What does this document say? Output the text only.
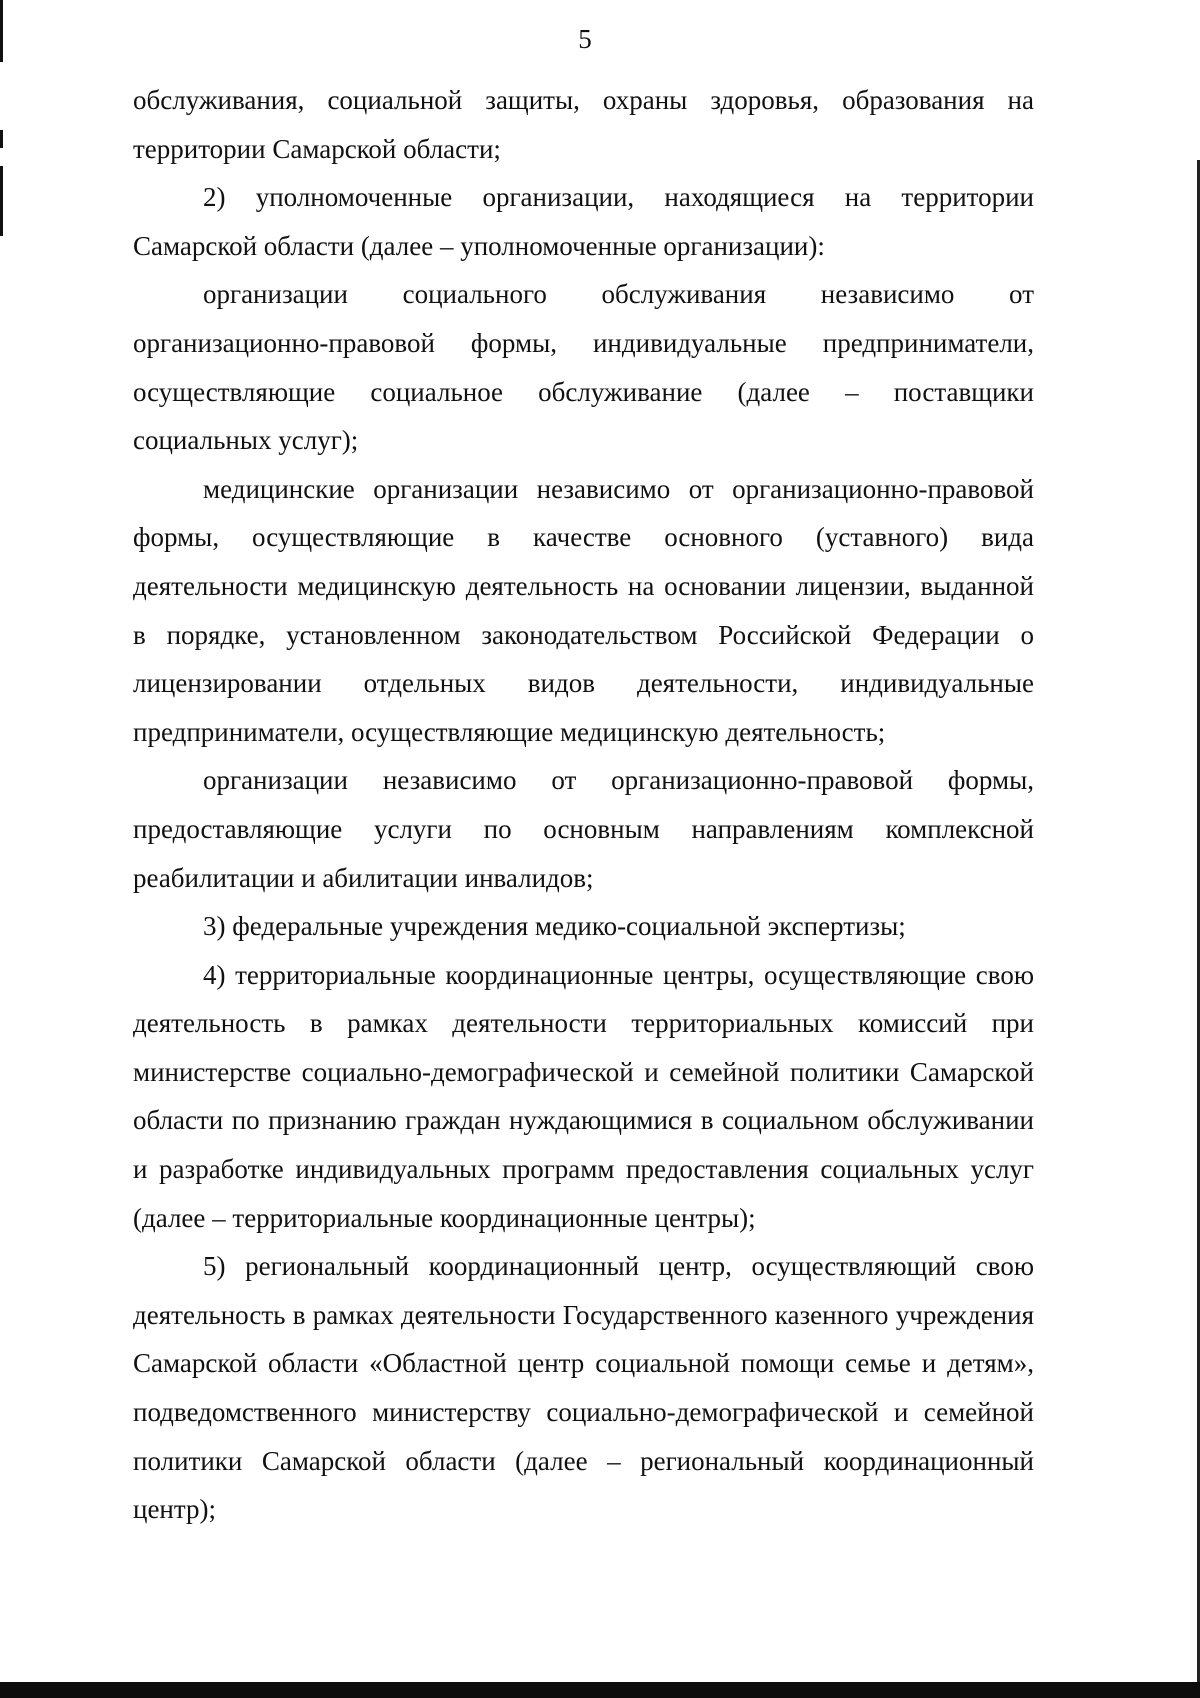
5

обслуживания, социальной защиты, охраны здоровья, образования на территории Самарской области;

2) уполномоченные организации, находящиеся на территории Самарской области (далее – уполномоченные организации):

организации социального обслуживания независимо от организационно-правовой формы, индивидуальные предприниматели, осуществляющие социальное обслуживание (далее – поставщики социальных услуг);

медицинские организации независимо от организационно-правовой формы, осуществляющие в качестве основного (уставного) вида деятельности медицинскую деятельность на основании лицензии, выданной в порядке, установленном законодательством Российской Федерации о лицензировании отдельных видов деятельности, индивидуальные предприниматели, осуществляющие медицинскую деятельность;

организации независимо от организационно-правовой формы, предоставляющие услуги по основным направлениям комплексной реабилитации и абилитации инвалидов;

3) федеральные учреждения медико-социальной экспертизы;

4) территориальные координационные центры, осуществляющие свою деятельность в рамках деятельности территориальных комиссий при министерстве социально-демографической и семейной политики Самарской области по признанию граждан нуждающимися в социальном обслуживании и разработке индивидуальных программ предоставления социальных услуг (далее – территориальные координационные центры);

5) региональный координационный центр, осуществляющий свою деятельность в рамках деятельности Государственного казенного учреждения Самарской области «Областной центр социальной помощи семье и детям», подведомственного министерству социально-демографической и семейной политики Самарской области (далее – региональный координационный центр);
